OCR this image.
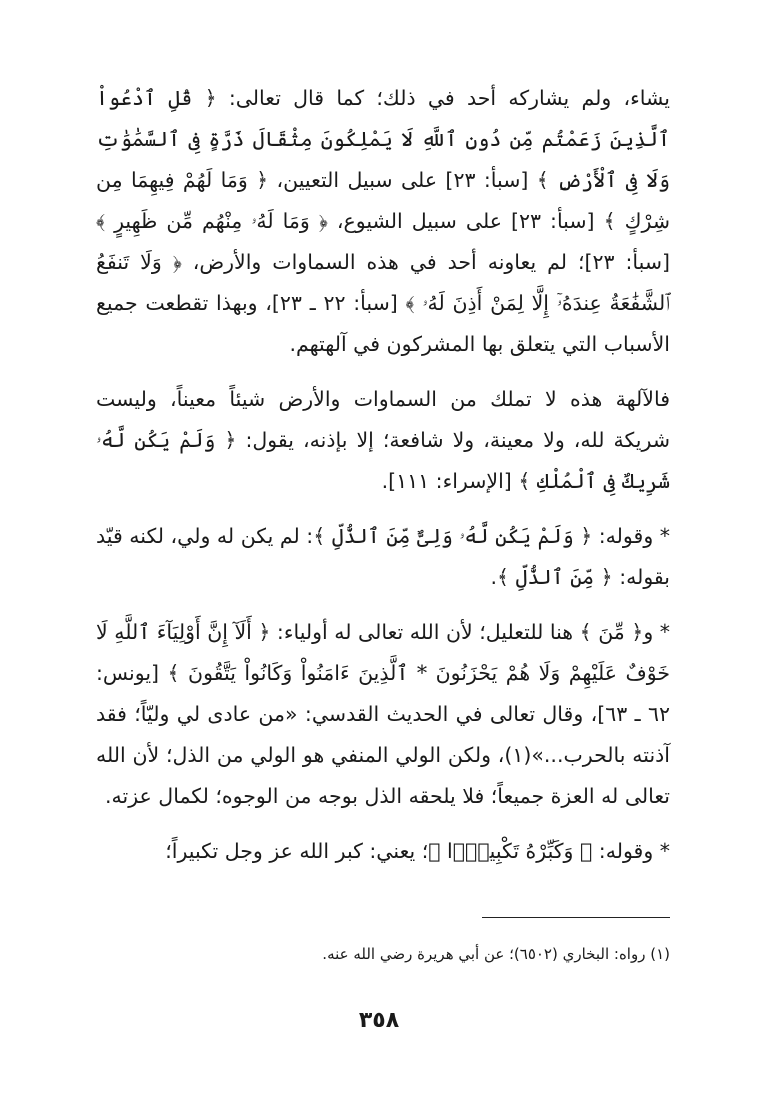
يشاء، ولم يشاركه أحد في ذلك؛ كما قال تعالى: ﴿ قُلِ ٱدْعُواْ ٱلَّذِينَ زَعَمْتُم مِّن دُونِ ٱللَّهِ لَا يَمْلِكُونَ مِثْقَالَ ذَرَّةٍ فِى ٱلسَّمَٰوَٰتِ وَلَا فِى ٱلْأَرْضِ ﴾ [سبأ: ٢٣] على سبيل التعيين، ﴿ وَمَا لَهُمْ فِيهِمَا مِن شِرْكٍ ﴾ [سبأ: ٢٣] على سبيل الشيوع، ﴿ وَمَا لَهُۥ مِنْهُم مِّن ظَهِيرٍ ﴾ [سبأ: ٢٣]؛ لم يعاونه أحد في هذه السماوات والأرض، ﴿ وَلَا تَنفَعُ ٱلشَّفَٰعَةُ عِندَهُۥٓ إِلَّا لِمَنْ أَذِنَ لَهُۥ ﴾ [سبأ: ٢٢ ـ ٢٣]، وبهذا تقطعت جميع الأسباب التي يتعلق بها المشركون في آلهتهم.

فالآلهة هذه لا تملك من السماوات والأرض شيئاً معيناً، وليست شريكة لله، ولا معينة، ولا شافعة؛ إلا بإذنه، يقول: ﴿ وَلَمْ يَكُن لَّهُۥ شَرِيكٌ فِى ٱلْمُلْكِ ﴾ [الإسراء: ١١١].

* وقوله: ﴿ وَلَمْ يَكُن لَّهُۥ وَلِىٌّ مِّنَ ٱلذُّلِّ ﴾: لم يكن له ولي، لكنه قيّد بقوله: ﴿ مِّنَ ٱلذُّلِّ ﴾.

* و﴿ مِّنَ ﴾ هنا للتعليل؛ لأن الله تعالى له أولياء: ﴿ أَلَآ إِنَّ أَوْلِيَآءَ ٱللَّهِ لَا خَوْفٌ عَلَيْهِمْ وَلَا هُمْ يَحْزَنُونَ * ٱلَّذِينَ ءَامَنُواْ وَكَانُواْ يَتَّقُونَ ﴾ [يونس: ٦٢ ـ ٦٣]، وقال تعالى في الحديث القدسي: «من عادى لي وليّاً؛ فقد آذنته بالحرب...»(١)، ولكن الولي المنفي هو الولي من الذل؛ لأن الله تعالى له العزة جميعاً؛ فلا يلحقه الذل بوجه من الوجوه؛ لكمال عزته.

* وقوله: ﴿ وَكَبِّرْهُ تَكْبِيرًۢا ﴾؛ يعني: كبر الله عز وجل تكبيراً؛

(١) رواه: البخاري (٦٥٠٢)؛ عن أبي هريرة رضي الله عنه.

٣٥٨
